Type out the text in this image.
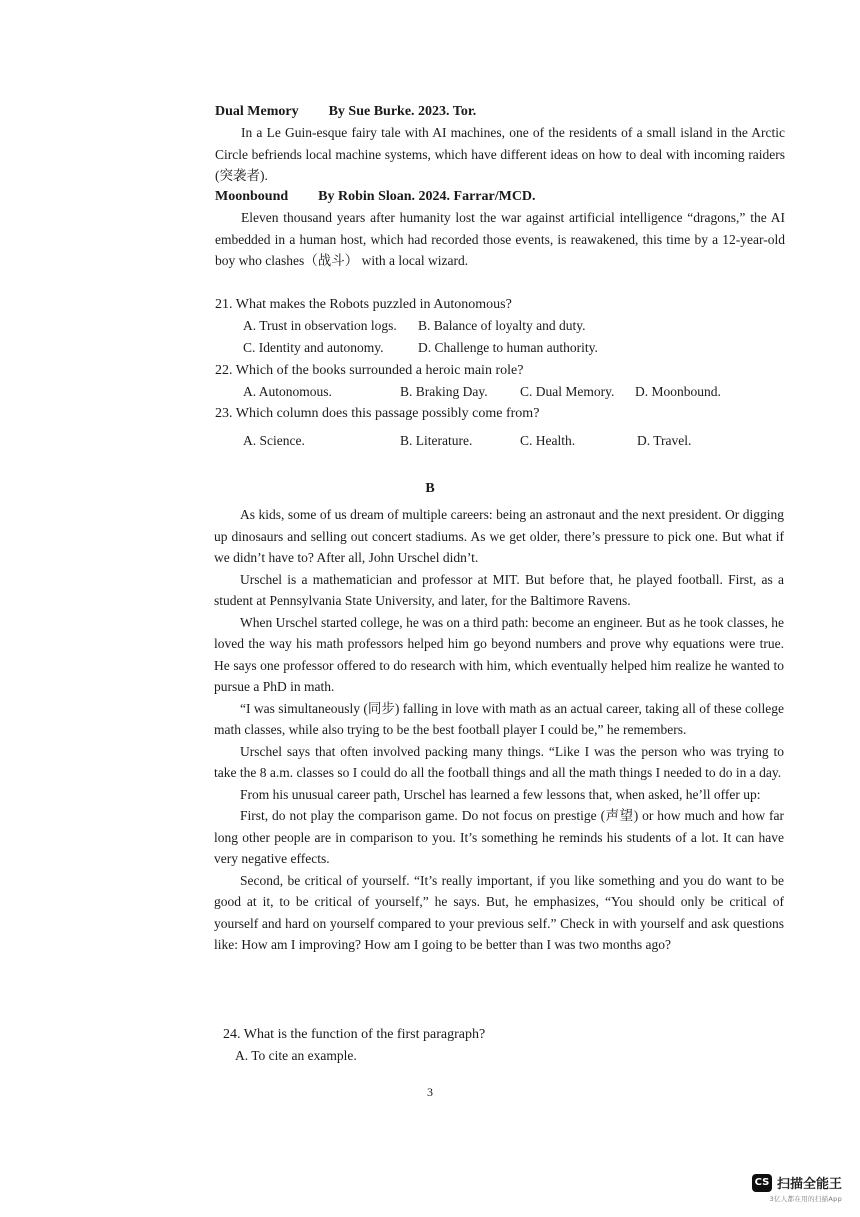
Dual Memory By Sue Burke. 2023. Tor.

In a Le Guin-esque fairy tale with AI machines, one of the residents of a small island in the Arctic Circle befriends local machine systems, which have different ideas on how to deal with incoming raiders (突袭者).

Moonbound By Robin Sloan. 2024. Farrar/MCD.

Eleven thousand years after humanity lost the war against artificial intelligence “dragons,” the AI embedded in a human host, which had recorded those events, is reawakened, this time by a 12-year-old boy who clashes（战斗） with a local wizard.

21. What makes the Robots puzzled in Autonomous?

A. Trust in observation logs.	B. Balance of loyalty and duty.
C. Identity and autonomy.	D. Challenge to human authority.

22. Which of the books surrounded a heroic main role?

A. Autonomous.	B. Braking Day.	C. Dual Memory.	D. Moonbound.

23. Which column does this passage possibly come from?

A. Science.	B. Literature.	C. Health.	D. Travel.
B

As kids, some of us dream of multiple careers: being an astronaut and the next president. Or digging up dinosaurs and selling out concert stadiums. As we get older, there’s pressure to pick one. But what if we didn’t have to? After all, John Urschel didn’t.

Urschel is a mathematician and professor at MIT. But before that, he played football. First, as a student at Pennsylvania State University, and later, for the Baltimore Ravens.

When Urschel started college, he was on a third path: become an engineer. But as he took classes, he loved the way his math professors helped him go beyond numbers and prove why equations were true. He says one professor offered to do research with him, which eventually helped him realize he wanted to pursue a PhD in math.

“I was simultaneously (同步) falling in love with math as an actual career, taking all of these college math classes, while also trying to be the best football player I could be,” he remembers.

Urschel says that often involved packing many things. “Like I was the person who was trying to take the 8 a.m. classes so I could do all the football things and all the math things I needed to do in a day.

From his unusual career path, Urschel has learned a few lessons that, when asked, he’ll offer up:

First, do not play the comparison game. Do not focus on prestige (声望) or how much and how far long other people are in comparison to you. It’s something he reminds his students of a lot. It can have very negative effects.

Second, be critical of yourself. “It’s really important, if you like something and you do want to be good at it, to be critical of yourself,” he says. But, he emphasizes, “You should only be critical of yourself and hard on yourself compared to your previous self.” Check in with yourself and ask questions like: How am I improving? How am I going to be better than I was two months ago?

24. What is the function of the first paragraph?

A. To cite an example.
3
CS 扫描全能王
3亿人都在用的扫描App
